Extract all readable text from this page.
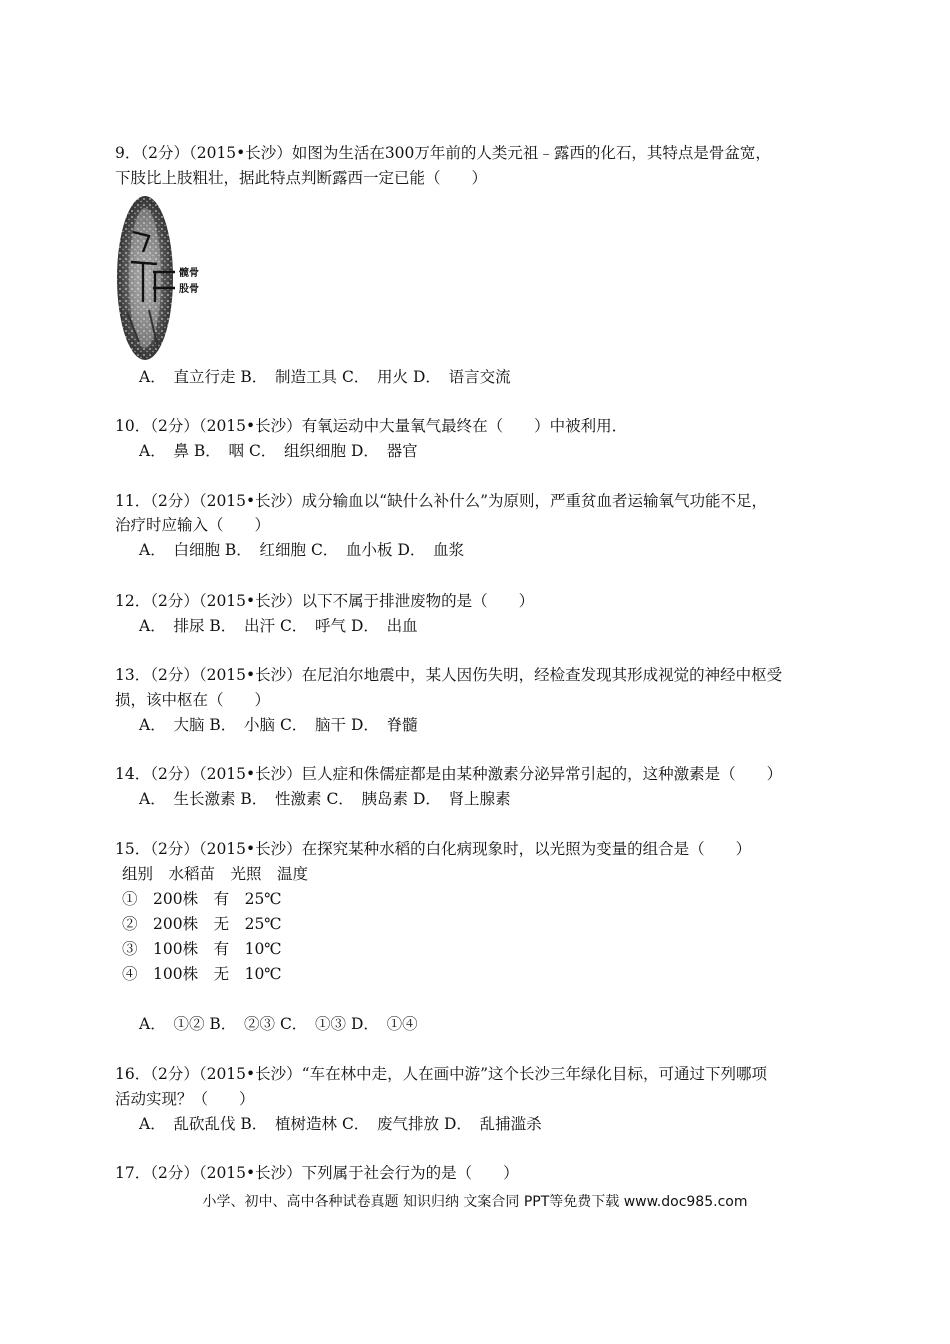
9．（2分）（2015•长沙）如图为生活在300万年前的人类元祖﹣露西的化石，其特点是骨盆宽，
下肢比上肢粗壮，据此特点判断露西一定已能（　　）
髋骨
股骨
A．　直立行走 B．　制造工具 C．　用火 D．　语言交流
10．（2分）（2015•长沙）有氧运动中大量氧气最终在（　　）中被利用．
A．　鼻 B．　咽 C．　组织细胞 D．　器官
11．（2分）（2015•长沙）成分输血以“缺什么补什么”为原则，严重贫血者运输氧气功能不足，
治疗时应输入（　　）
A．　白细胞 B．　红细胞 C．　血小板 D．　血浆
12．（2分）（2015•长沙）以下不属于排泄废物的是（　　）
A．　排尿 B．　出汗 C．　呼气 D．　出血
13．（2分）（2015•长沙）在尼泊尔地震中，某人因伤失明，经检查发现其形成视觉的神经中枢受
损，该中枢在（　　）
A．　大脑 B．　小脑 C．　脑干 D．　脊髓
14．（2分）（2015•长沙）巨人症和侏儒症都是由某种激素分泌异常引起的，这种激素是（　　）
A．　生长激素 B．　性激素 C．　胰岛素 D．　肾上腺素
15．（2分）（2015•长沙）在探究某种水稻的白化病现象时，以光照为变量的组合是（　　）
组别　水稻苗　光照　温度
①　200株　有　25℃
②　200株　无　25℃
③　100株　有　10℃
④　100株　无　10℃
A．　①② B．　②③ C．　①③ D．　①④
16．（2分）（2015•长沙）“车在林中走，人在画中游”这个长沙三年绿化目标，可通过下列哪项
活动实现？（　　）
A．　乱砍乱伐 B．　植树造林 C．　废气排放 D．　乱捕滥杀
17．（2分）（2015•长沙）下列属于社会行为的是（　　）
小学、初中、高中各种试卷真题 知识归纳 文案合同 PPT等免费下载 www.doc985.com
